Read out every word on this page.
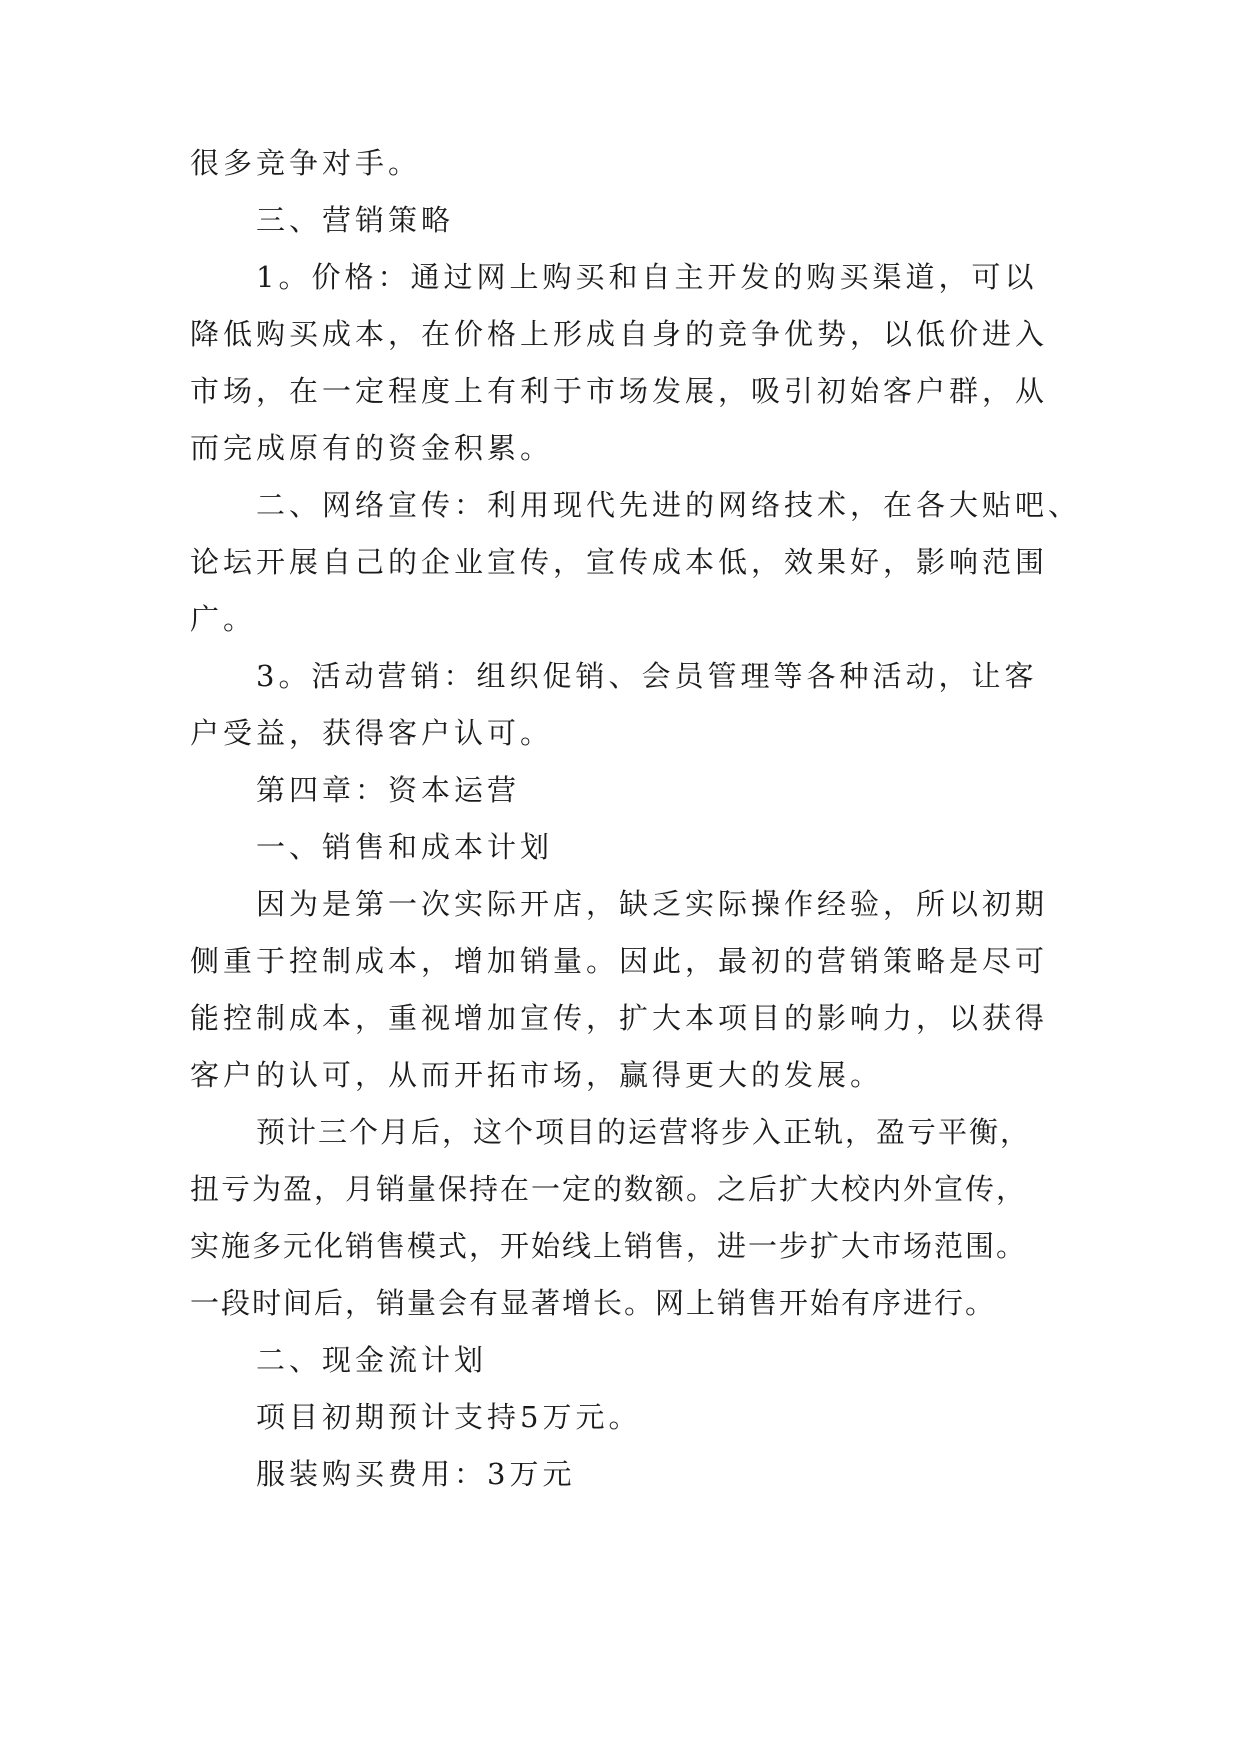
很多竞争对手。

三、营销策略

1。价格：通过网上购买和自主开发的购买渠道，可以

降低购买成本，在价格上形成自身的竞争优势，以低价进入

市场，在一定程度上有利于市场发展，吸引初始客户群，从

而完成原有的资金积累。

二、网络宣传：利用现代先进的网络技术，在各大贴吧、

论坛开展自己的企业宣传，宣传成本低，效果好，影响范围

广。

3。活动营销：组织促销、会员管理等各种活动，让客

户受益，获得客户认可。

第四章：资本运营

一、销售和成本计划

因为是第一次实际开店，缺乏实际操作经验，所以初期

侧重于控制成本，增加销量。因此，最初的营销策略是尽可

能控制成本，重视增加宣传，扩大本项目的影响力，以获得

客户的认可，从而开拓市场，赢得更大的发展。

预计三个月后，这个项目的运营将步入正轨，盈亏平衡，

扭亏为盈，月销量保持在一定的数额。之后扩大校内外宣传，

实施多元化销售模式，开始线上销售，进一步扩大市场范围。

一段时间后，销量会有显著增长。网上销售开始有序进行。

二、现金流计划

项目初期预计支持5万元。

服装购买费用：3万元
